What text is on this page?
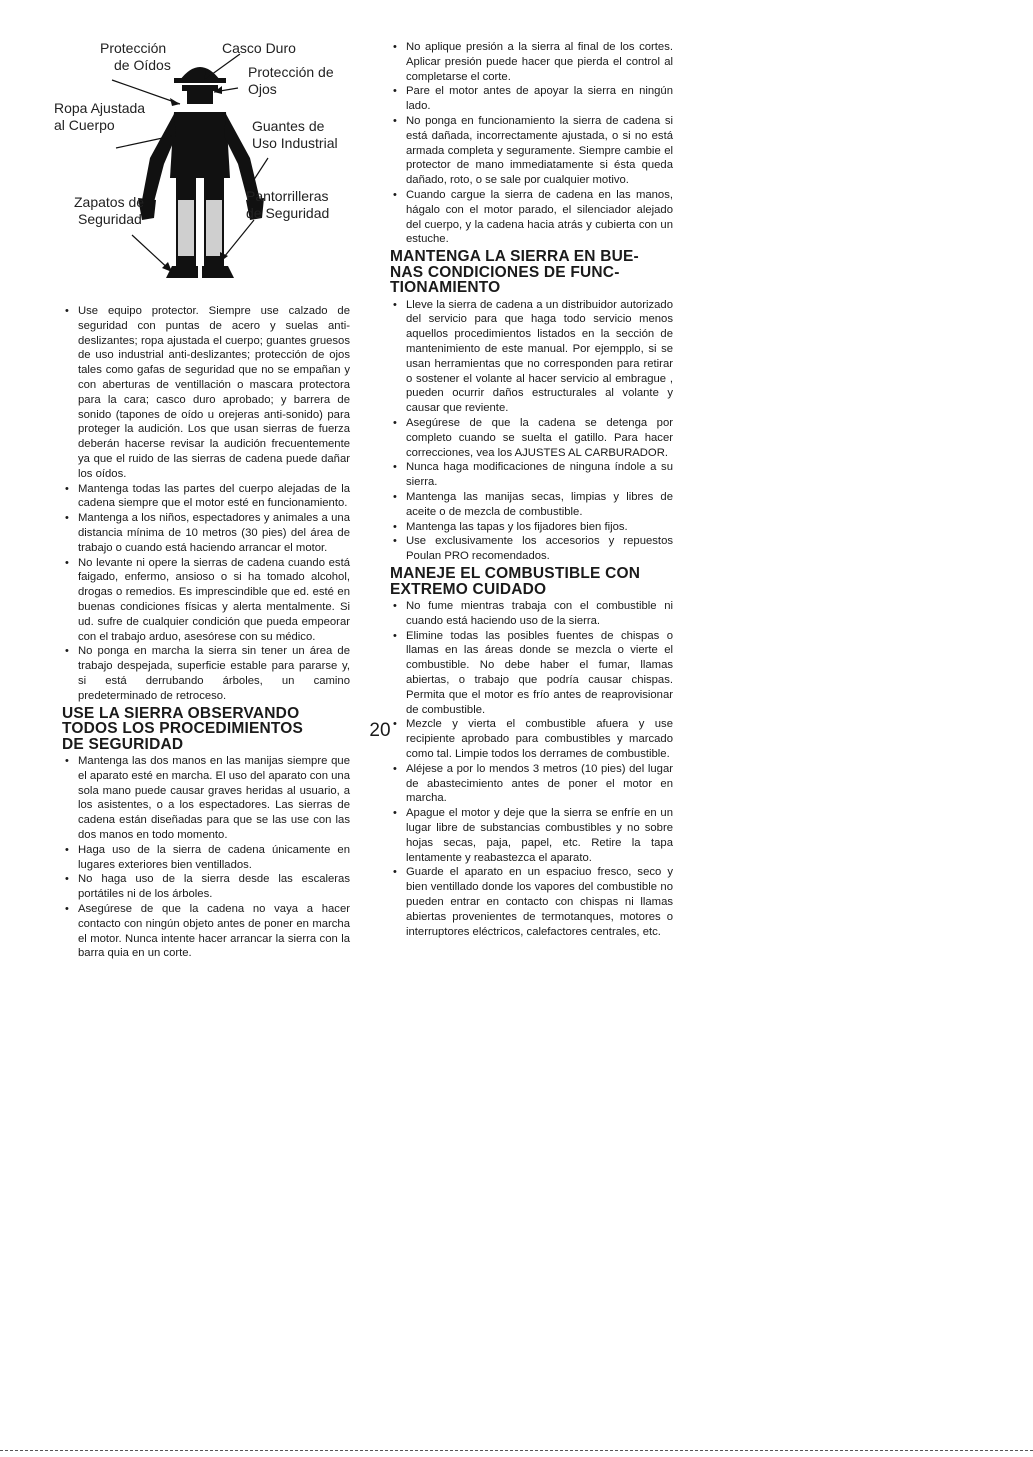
Protección
de Oídos
Casco Duro
Protección de
Ojos
Ropa Ajustada
al Cuerpo	Guantes de
Uso Industrial
Zapatos de
Seguridad
Pantorrilleras
de Seguridad
• Use equipo protector. Siempre use calzado de seguridad con puntas de acero y suelas anti-deslizantes; ropa ajustada el cuerpo; guantes gruesos de uso industrial anti-deslizantes; protección de ojos tales como gafas de seguridad que no se empañan y con aberturas de ventillación o mascara protectora para la cara; casco duro aprobado; y barrera de sonido (tapones de oído u orejeras anti-sonido) para proteger la audición. Los que usan sierras de fuerza deberán hacerse revisar la audición frecuentemente ya que el ruido de las sierras de cadena puede dañar los oídos.
• Mantenga todas las partes del cuerpo alejadas de la cadena siempre que el motor esté en funcionamiento.
• Mantenga a los niños, espectadores y animales a una distancia mínima de 10 metros (30 pies) del área de trabajo o cuando está haciendo arrancar el motor.
• No levante ni opere la sierras de cadena cuando está faigado, enfermo, ansioso o si ha tomado alcohol, drogas o remedios. Es imprescindible que ed. esté en buenas condiciones físicas y alerta mentalmente. Si ud. sufre de cualquier condición que pueda empeorar con el trabajo arduo, asesórese con su médico.
• No ponga en marcha la sierra sin tener un área de trabajo despejada, superficie estable para pararse y, si está derrubando árboles, un camino predeterminado de retroceso.
USE LA SIERRA OBSERVANDO
TODOS LOS PROCEDIMIENTOS
DE SEGURIDAD
• Mantenga las dos manos en las manijas siempre que el aparato esté en marcha. El uso del aparato con una sola mano puede causar graves heridas al usuario, a los asistentes, o a los espectadores. Las sierras de cadena están diseñadas para que se las use con las dos manos en todo momento.
• Haga uso de la sierra de cadena únicamente en lugares exteriores bien ventillados.
• No haga uso de la sierra desde las escaleras portátiles ni de los árboles.
• Asegúrese de que la cadena no vaya a hacer contacto con ningún objeto antes de poner en marcha el motor. Nunca intente hacer arrancar la sierra con la barra quia en un corte.
• No aplique presión a la sierra al final de los cortes. Aplicar presión puede hacer que pierda el control al completarse el corte.
• Pare el motor antes de apoyar la sierra en ningún lado.
• No ponga en funcionamiento la sierra de cadena si está dañada, incorrectamente ajustada, o si no está armada completa y seguramente. Siempre cambie el protector de mano immediatamente si ésta queda dañado, roto, o se sale por cualquier motivo.
• Cuando cargue la sierra de cadena en las manos, hágalo con el motor parado, el silenciador alejado del cuerpo, y la cadena hacia atrás y cubierta con un estuche.
MANTENGA LA SIERRA EN BUE-
NAS CONDICIONES DE FUNC-
TIONAMIENTO
• Lleve la sierra de cadena a un distribuidor autorizado del servicio para que haga todo servicio menos aquellos procedimientos listados en la sección de mantenimiento de este manual. Por ejempplo, si se usan herramientas que no corresponden para retirar o sostener el volante al hacer servicio al embrague , pueden ocurrir daños estructurales al volante y causar que reviente.
• Asegúrese de que la cadena se detenga por completo cuando se suelta el gatillo. Para hacer correcciones, vea los AJUSTES AL CARBURADOR.
• Nunca haga modificaciones de ninguna índole a su sierra.
• Mantenga las manijas secas, limpias y libres de aceite o de mezcla de combustible.
• Mantenga las tapas y los fijadores bien fijos.
• Use exclusivamente los accesorios y repuestos Poulan PRO recomendados.
MANEJE EL COMBUSTIBLE CON
EXTREMO CUIDADO
• No fume mientras trabaja con el combustible ni cuando está haciendo uso de la sierra.
• Elimine todas las posibles fuentes de chispas o llamas en las áreas donde se mezcla o vierte el combustible. No debe haber el fumar, llamas abiertas, o trabajo que podría causar chispas. Permita que el motor es frío antes de reaprovisionar de combustible.
• Mezcle y vierta el combustible afuera y use recipiente aprobado para combustibles y marcado como tal. Limpie todos los derrames de combustible.
• Aléjese a por lo mendos 3 metros (10 pies) del lugar de abastecimiento antes de poner el motor en marcha.
• Apague el motor y deje que la sierra se enfríe en un lugar libre de substancias combustibles y no sobre hojas secas, paja, papel, etc. Retire la tapa lentamente y reabastezca el aparato.
• Guarde el aparato en un espaciuo fresco, seco y bien ventillado donde los vapores del combustible no pueden entrar en contacto con chispas ni llamas abiertas provenientes de termotanques, motores o interruptores eléctricos, calefactores centrales, etc.
20
